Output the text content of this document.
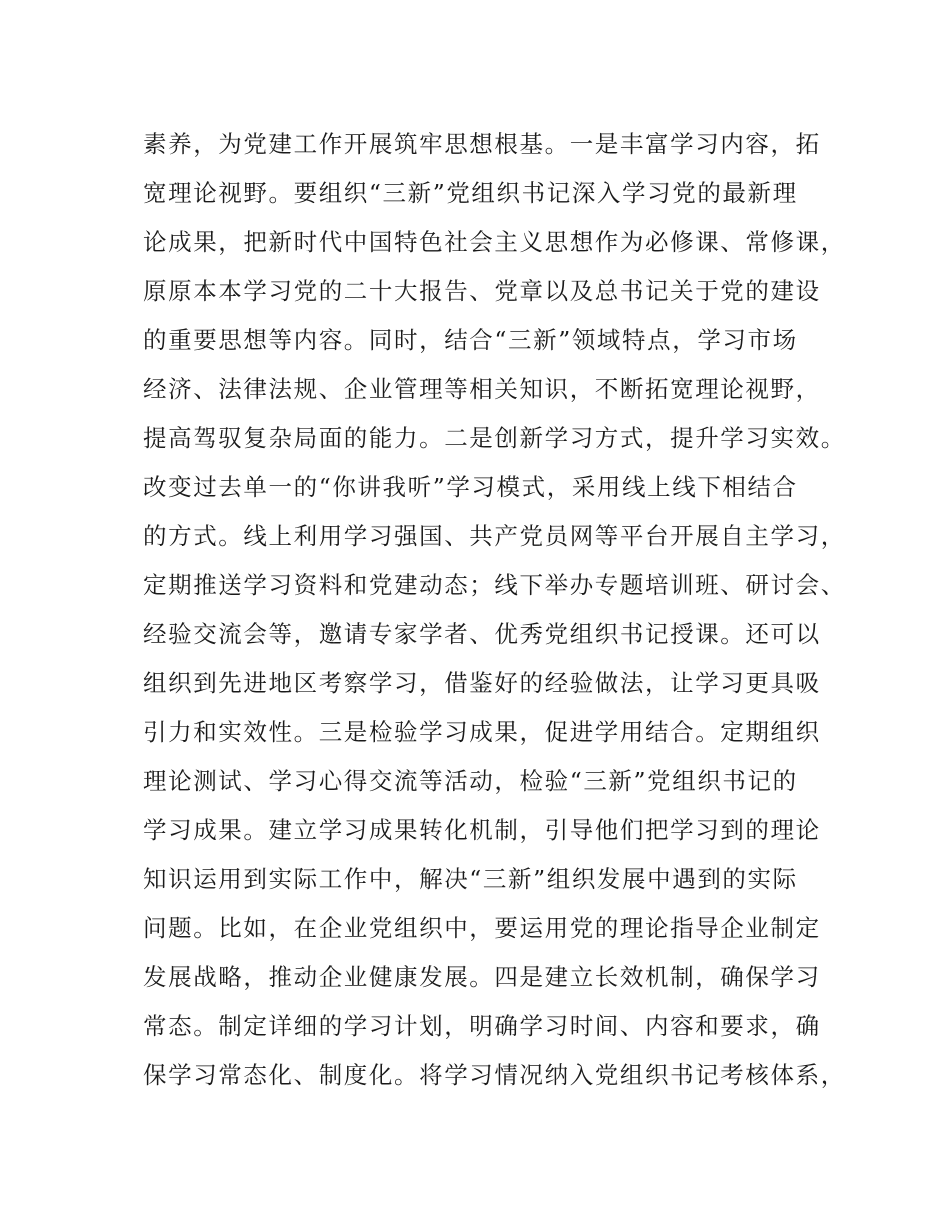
素养，为党建工作开展筑牢思想根基。一是丰富学习内容，拓
宽理论视野。要组织“三新”党组织书记深入学习党的最新理
论成果，把新时代中国特色社会主义思想作为必修课、常修课，
原原本本学习党的二十大报告、党章以及总书记关于党的建设
的重要思想等内容。同时，结合“三新”领域特点，学习市场
经济、法律法规、企业管理等相关知识，不断拓宽理论视野，
提高驾驭复杂局面的能力。二是创新学习方式，提升学习实效。
改变过去单一的“你讲我听”学习模式，采用线上线下相结合
的方式。线上利用学习强国、共产党员网等平台开展自主学习，
定期推送学习资料和党建动态；线下举办专题培训班、研讨会、
经验交流会等，邀请专家学者、优秀党组织书记授课。还可以
组织到先进地区考察学习，借鉴好的经验做法，让学习更具吸
引力和实效性。三是检验学习成果，促进学用结合。定期组织
理论测试、学习心得交流等活动，检验“三新”党组织书记的
学习成果。建立学习成果转化机制，引导他们把学习到的理论
知识运用到实际工作中，解决“三新”组织发展中遇到的实际
问题。比如，在企业党组织中，要运用党的理论指导企业制定
发展战略，推动企业健康发展。四是建立长效机制，确保学习
常态。制定详细的学习计划，明确学习时间、内容和要求，确
保学习常态化、制度化。将学习情况纳入党组织书记考核体系，
